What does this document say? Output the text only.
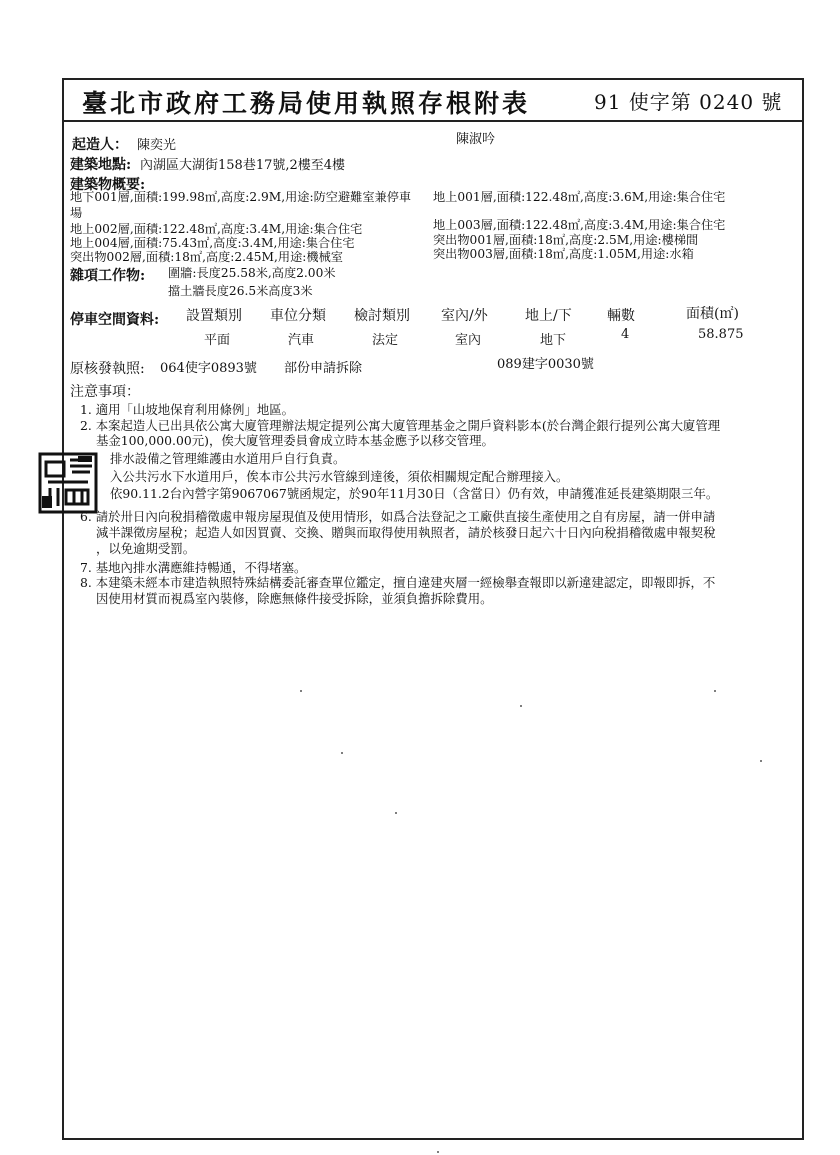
臺北市政府工務局使用執照存根附表	91 使字第 0240 號
起造人： 陳奕光	陳淑吟
建築地點: 內湖區大湖街158巷17號,2樓至4樓
建築物概要:
地下001層,面積:199.98㎡,高度:2.9M,用途:防空避難室兼停車 地上001層,面積:122.48㎡,高度:3.6M,用途:集合住宅
場
地上002層,面積:122.48㎡,高度:3.4M,用途:集合住宅	地上003層,面積:122.48㎡,高度:3.4M,用途:集合住宅
地上004層,面積:75.43㎡,高度:3.4M,用途:集合住宅	突出物001層,面積:18㎡,高度:2.5M,用途:樓梯間
突出物002層,面積:18㎡,高度:2.45M,用途:機械室	突出物003層,面積:18㎡,高度:1.05M,用途:水箱
雜項工作物: 圍牆:長度25.58米,高度2.00米
擋土牆長度26.5米高度3米
停車空間資料: 設置類別 車位分類 檢討類別 室內/外	地上/下	輛數	面積(㎡)
平面	汽車	法定	室內	地下	4	58.875
原核發執照: 064使字0893號 部份申請拆除	089建字0030號
注意事項：
1. 適用「山坡地保育利用條例」地區。
2. 本案起造人已出具依公寓大廈管理辦法規定提列公寓大廈管理基金之開戶資料影本(於台灣企銀行提列公寓大廈管理
基金100,000.00元)，俟大廈管理委員會成立時本基金應予以移交管理。
排水設備之管理維護由水道用戶自行負責。
入公共污水下水道用戶，俟本市公共污水管線到達後，須依相關規定配合辦理接入。
依90.11.2台內營字第9067067號函規定，於90年11月30日（含當日）仍有效，申請獲准延長建築期限三年。
6. 請於卅日內向稅捐稽徵處申報房屋現值及使用情形，如爲合法登記之工廠供直接生產使用之自有房屋，請一併申請
減半課徵房屋稅；起造人如因買賣、交換、贈與而取得使用執照者，請於核發日起六十日內向稅捐稽徵處申報契稅
，以免逾期受罰。
7. 基地內排水溝應維持暢通，不得堵塞。
8. 本建築未經本市建造執照特殊結構委託審查單位鑑定，擅自違建夾層一經檢舉查報即以新違建認定，即報即拆，不
因使用材質而視爲室內裝修，除應無條件接受拆除，並須負擔拆除費用。
